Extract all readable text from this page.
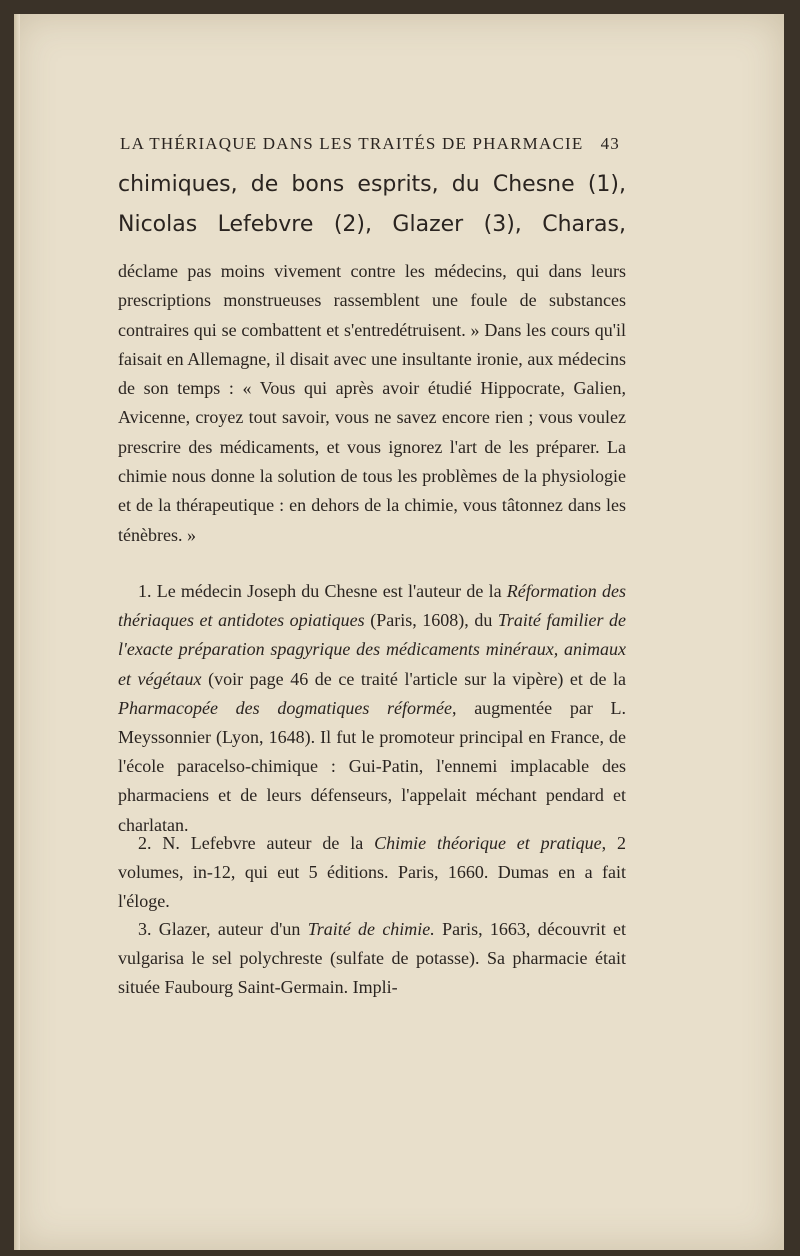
LA THÉRIAQUE DANS LES TRAITÉS DE PHARMACIE 43
chimiques, de bons esprits, du Chesne (1),
Nicolas Lefebvre (2), Glazer (3), Charas,
déclame pas moins vivement contre les médecins, qui dans leurs prescriptions monstrueuses rassemblent une foule de substances contraires qui se combattent et s'entredétruisent. » Dans les cours qu'il faisait en Allemagne, il disait avec une insultante ironie, aux médecins de son temps : « Vous qui après avoir étudié Hippocrate, Galien, Avicenne, croyez tout savoir, vous ne savez encore rien ; vous voulez prescrire des médicaments, et vous ignorez l'art de les préparer. La chimie nous donne la solution de tous les problèmes de la physiologie et de la thérapeutique : en dehors de la chimie, vous tâtonnez dans les ténèbres. »
1. Le médecin Joseph du Chesne est l'auteur de la Réformation des thériaques et antidotes opiatiques (Paris, 1608), du Traité familier de l'exacte préparation spagyrique des médicaments minéraux, animaux et végétaux (voir page 46 de ce traité l'article sur la vipère) et de la Pharmacopée des dogmatiques réformée, augmentée par L. Meyssonnier (Lyon, 1648). Il fut le promoteur principal en France, de l'école paracelso-chimique : Gui-Patin, l'ennemi implacable des pharmaciens et de leurs défenseurs, l'appelait méchant pendard et charlatan.
2. N. Lefebvre auteur de la Chimie théorique et pratique, 2 volumes, in-12, qui eut 5 éditions. Paris, 1660. Dumas en a fait l'éloge.
3. Glazer, auteur d'un Traité de chimie. Paris, 1663, découvrit et vulgarisa le sel polychreste (sulfate de potasse). Sa pharmacie était située Faubourg Saint-Germain. Impli-
